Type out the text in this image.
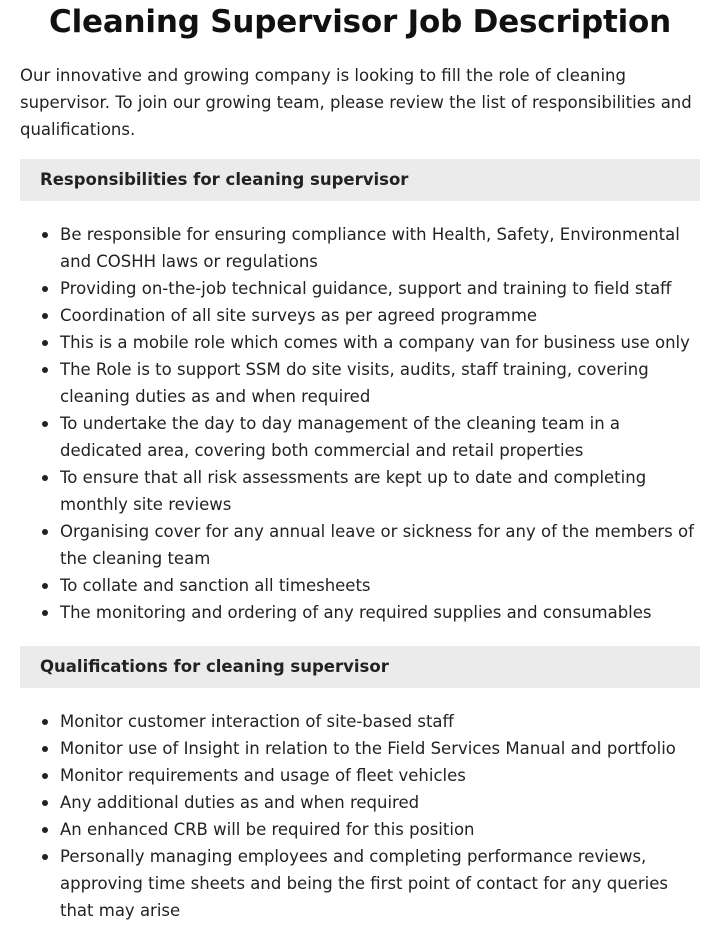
Cleaning Supervisor Job Description

Our innovative and growing company is looking to fill the role of cleaning supervisor. To join our growing team, please review the list of responsibilities and qualifications.

Responsibilities for cleaning supervisor
Be responsible for ensuring compliance with Health, Safety, Environmental and COSHH laws or regulations
Providing on-the-job technical guidance, support and training to field staff
Coordination of all site surveys as per agreed programme
This is a mobile role which comes with a company van for business use only
The Role is to support SSM do site visits, audits, staff training, covering cleaning duties as and when required
To undertake the day to day management of the cleaning team in a dedicated area, covering both commercial and retail properties
To ensure that all risk assessments are kept up to date and completing monthly site reviews
Organising cover for any annual leave or sickness for any of the members of the cleaning team
To collate and sanction all timesheets
The monitoring and ordering of any required supplies and consumables
Qualifications for cleaning supervisor
Monitor customer interaction of site-based staff
Monitor use of Insight in relation to the Field Services Manual and portfolio
Monitor requirements and usage of fleet vehicles
Any additional duties as and when required
An enhanced CRB will be required for this position
Personally managing employees and completing performance reviews, approving time sheets and being the first point of contact for any queries that may arise
